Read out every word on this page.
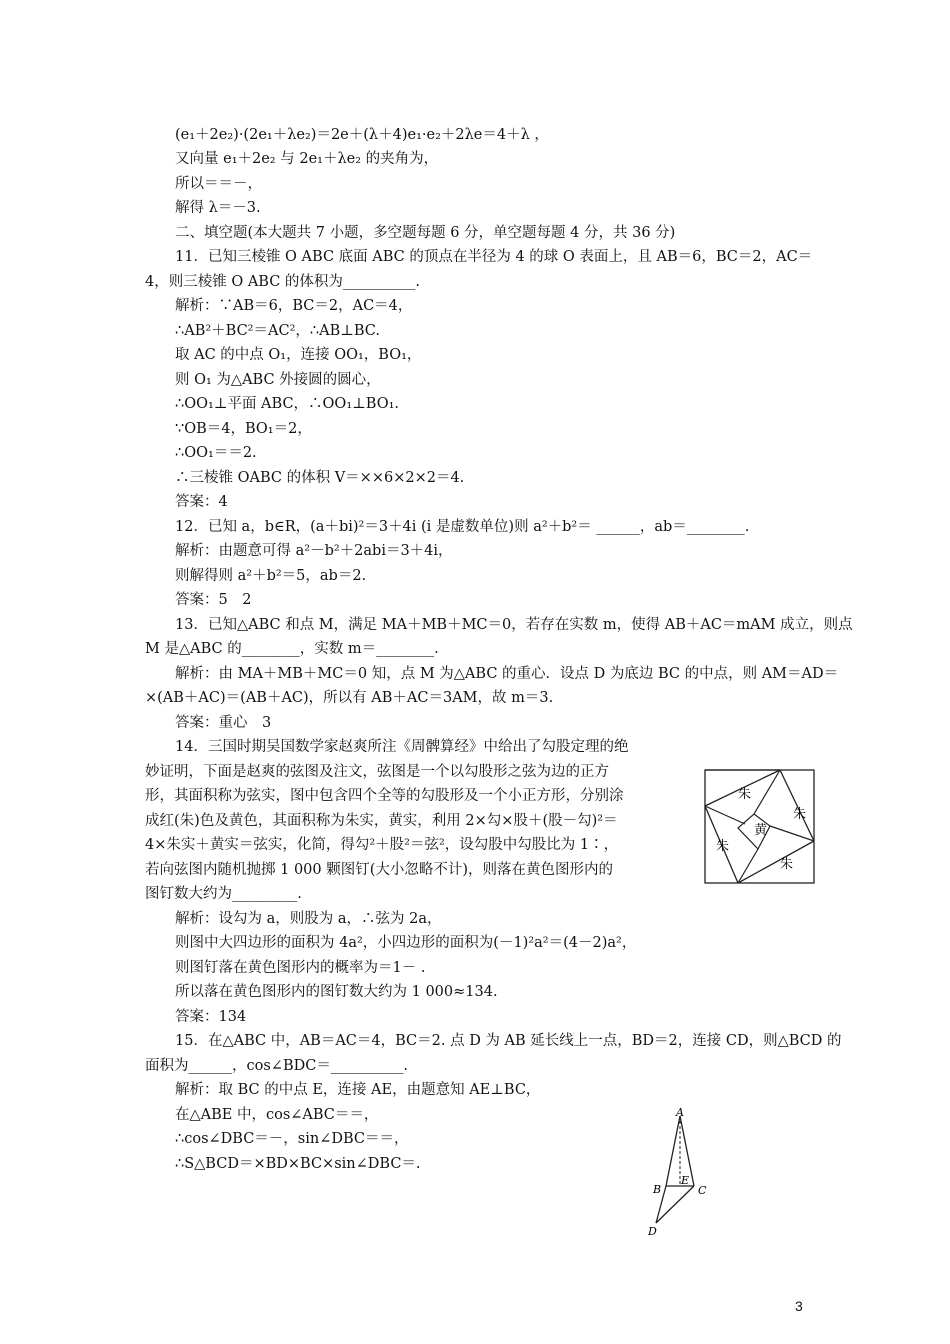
(e₁＋2e₂)·(2e₁＋λe₂)＝2e＋(λ＋4)e₁·e₂＋2λe＝4＋λ ，
又向量 e₁＋2e₂ 与 2e₁＋λe₂ 的夹角为，
所以＝＝－，
解得 λ＝－3.
二、填空题(本大题共 7 小题，多空题每题 6 分，单空题每题 4 分，共 36 分)
11．已知三棱锥 O ABC 底面 ABC 的顶点在半径为 4 的球 O 表面上，且 AB＝6，BC＝2，AC＝
4，则三棱锥 O ABC 的体积为__________.
解析：∵AB＝6，BC＝2，AC＝4，
∴AB²＋BC²＝AC²，∴AB⊥BC.
取 AC 的中点 O₁，连接 OO₁，BO₁，
则 O₁ 为△ABC 外接圆的圆心，
∴OO₁⊥平面 ABC，∴OO₁⊥BO₁.
∵OB＝4，BO₁＝2，
∴OO₁＝＝2.
∴三棱锥 OABC 的体积 V＝××6×2×2＝4.
答案：4
12．已知 a，b∈R，(a＋bi)²＝3＋4i (i 是虚数单位)则 a²＋b²＝ ______，ab＝________.
解析：由题意可得 a²－b²＋2abi＝3＋4i，
则解得则 a²＋b²＝5，ab＝2.
答案：5　2
13．已知△ABC 和点 M，满足 MA＋MB＋MC＝0，若存在实数 m，使得 AB＋AC＝mAM 成立，则点
M 是△ABC 的________，实数 m＝________.
解析：由 MA＋MB＋MC＝0 知，点 M 为△ABC 的重心．设点 D 为底边 BC 的中点，则 AM＝AD＝
×(AB＋AC)＝(AB＋AC)，所以有 AB＋AC＝3AM，故 m＝3.
答案：重心　3
14．三国时期吴国数学家赵爽所注《周髀算经》中给出了勾股定理的绝
妙证明，下面是赵爽的弦图及注文，弦图是一个以勾股形之弦为边的正方
形，其面积称为弦实，图中包含四个全等的勾股形及一个小正方形，分别涂
成红(朱)色及黄色，其面积称为朱实，黄实，利用 2×勾×股＋(股－勾)²＝
4×朱实＋黄实＝弦实，化简，得勾²＋股²＝弦²，设勾股中勾股比为 1∶，
若向弦图内随机抛掷 1 000 颗图钉(大小忽略不计)，则落在黄色图形内的
图钉数大约为_________.
解析：设勾为 a，则股为 a，∴弦为 2a，
则图中大四边形的面积为 4a²，小四边形的面积为(－1)²a²＝(4－2)a²，
则图钉落在黄色图形内的概率为＝1－ .
所以落在黄色图形内的图钉数大约为 1 000≈134.
答案：134
15．在△ABC 中，AB＝AC＝4，BC＝2. 点 D 为 AB 延长线上一点，BD＝2，连接 CD，则△BCD 的
面积为______，cos∠BDC＝__________.
解析：取 BC 的中点 E，连接 AE，由题意知 AE⊥BC，
在△ABE 中，cos∠ABC＝＝，
∴cos∠DBC＝－，sin∠DBC＝＝，
∴S△BCD＝×BD×BC×sin∠DBC＝.
朱
朱
朱
朱
黄
A
B	C
E
D
3
